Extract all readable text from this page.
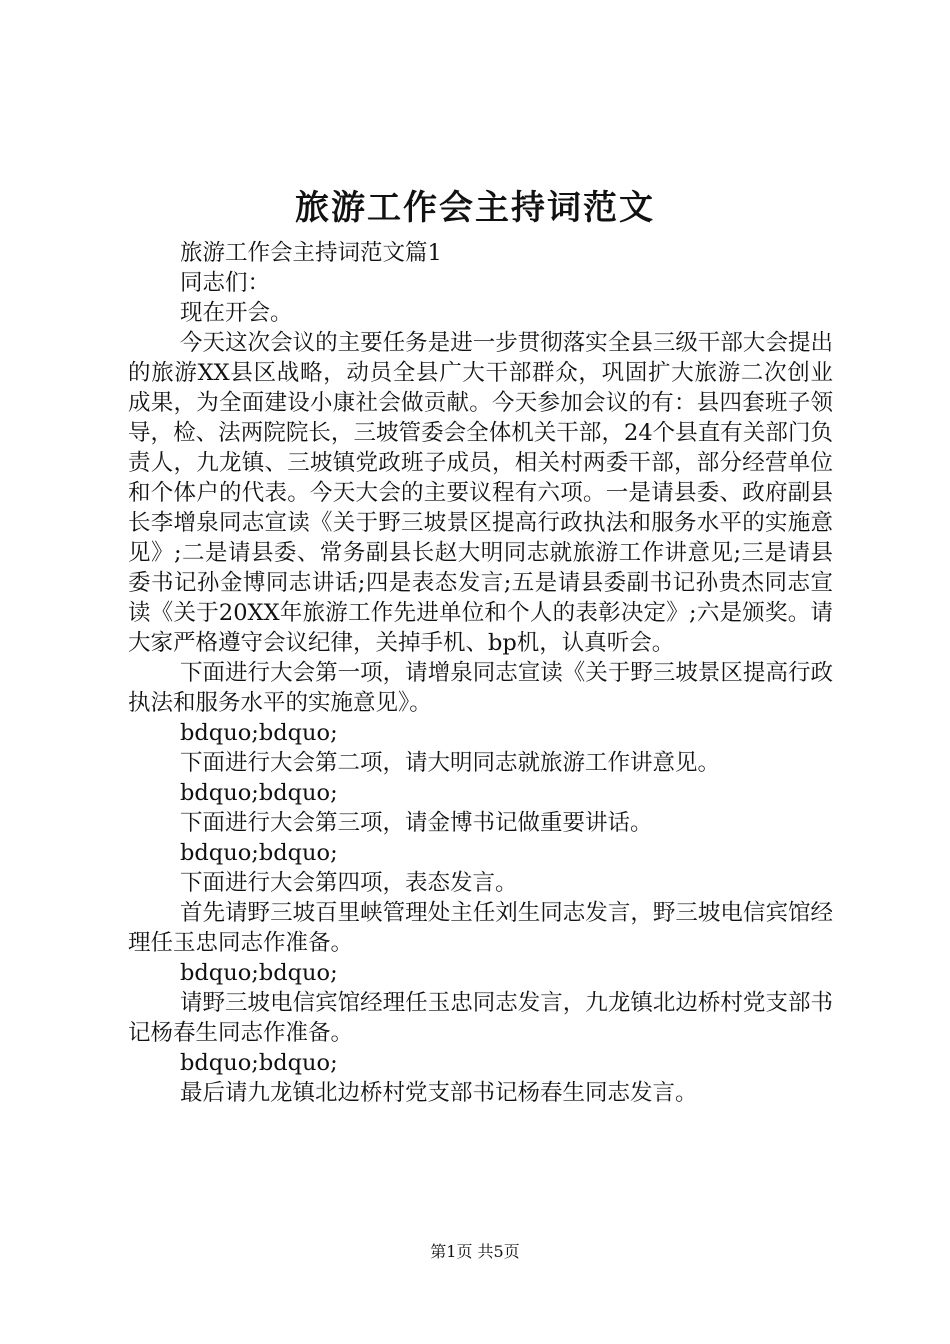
旅游工作会主持词范文

旅游工作会主持词范文篇1

同志们：

现在开会。

今天这次会议的主要任务是进一步贯彻落实全县三级干部大会提出的旅游XX县区战略，动员全县广大干部群众，巩固扩大旅游二次创业成果，为全面建设小康社会做贡献。今天参加会议的有：县四套班子领导，检、法两院院长，三坡管委会全体机关干部，24个县直有关部门负责人，九龙镇、三坡镇党政班子成员，相关村两委干部，部分经营单位和个体户的代表。今天大会的主要议程有六项。一是请县委、政府副县长李增泉同志宣读《关于野三坡景区提高行政执法和服务水平的实施意见》;二是请县委、常务副县长赵大明同志就旅游工作讲意见;三是请县委书记孙金博同志讲话;四是表态发言;五是请县委副书记孙贵杰同志宣读《关于20XX年旅游工作先进单位和个人的表彰决定》;六是颁奖。请大家严格遵守会议纪律，关掉手机、bp机，认真听会。

下面进行大会第一项，请增泉同志宣读《关于野三坡景区提高行政执法和服务水平的实施意见》。

bdquo;bdquo;

下面进行大会第二项，请大明同志就旅游工作讲意见。

bdquo;bdquo;

下面进行大会第三项，请金博书记做重要讲话。

bdquo;bdquo;

下面进行大会第四项，表态发言。

首先请野三坡百里峡管理处主任刘生同志发言，野三坡电信宾馆经理任玉忠同志作准备。

bdquo;bdquo;

请野三坡电信宾馆经理任玉忠同志发言，九龙镇北边桥村党支部书记杨春生同志作准备。

bdquo;bdquo;

最后请九龙镇北边桥村党支部书记杨春生同志发言。

第1页 共5页
